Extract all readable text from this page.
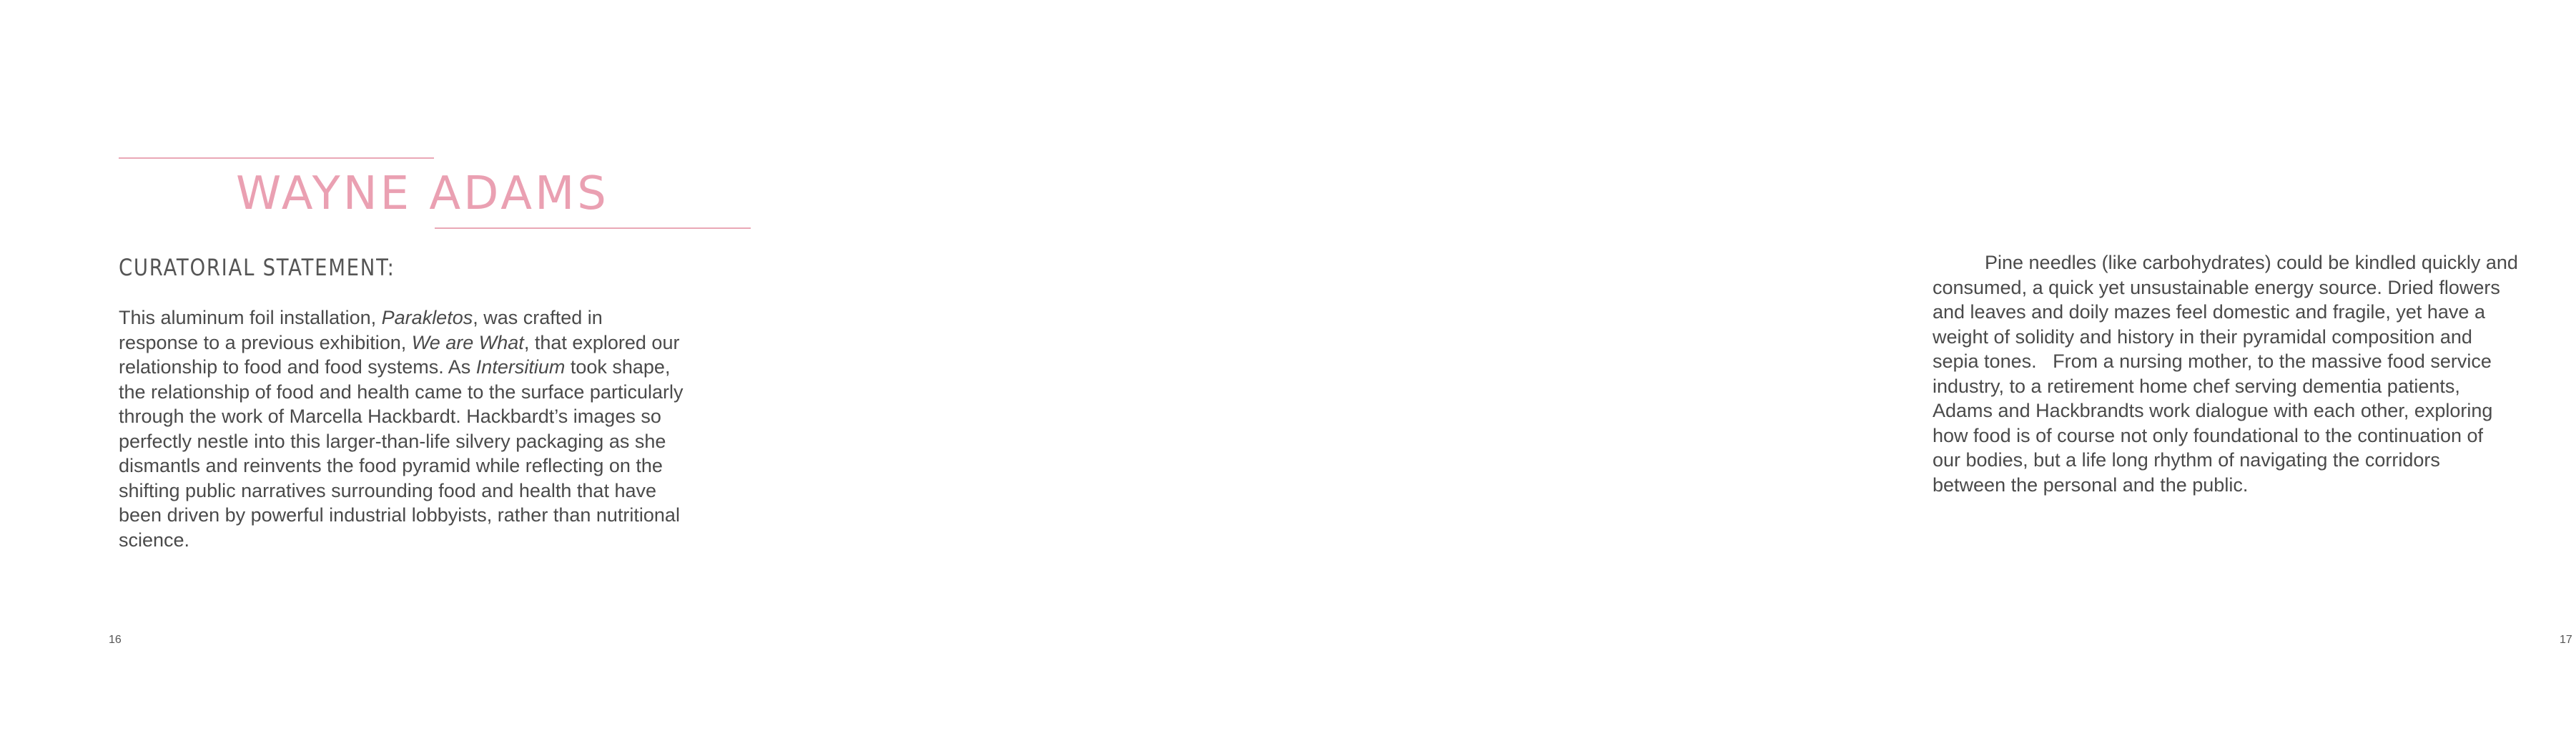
WAYNE ADAMS
CURATORIAL STATEMENT:

This aluminum foil installation, Parakletos, was crafted in
response to a previous exhibition, We are What, that explored our
relationship to food and food systems. As Intersitium took shape,
the relationship of food and health came to the surface particularly
through the work of Marcella Hackbardt. Hackbardt’s images so
perfectly nestle into this larger-than-life silvery packaging as she
dismantls and reinvents the food pyramid while reflecting on the
shifting public narratives surrounding food and health that have
been driven by powerful industrial lobbyists, rather than nutritional
science.

16

Pine needles (like carbohydrates) could be kindled quickly and
consumed, a quick yet unsustainable energy source. Dried flowers
and leaves and doily mazes feel domestic and fragile, yet have a
weight of solidity and history in their pyramidal composition and
sepia tones.   From a nursing mother, to the massive food service
industry, to a retirement home chef serving dementia patients,
Adams and Hackbrandts work dialogue with each other, exploring
how food is of course not only foundational to the continuation of
our bodies, but a life long rhythm of navigating the corridors
between the personal and the public.

17
